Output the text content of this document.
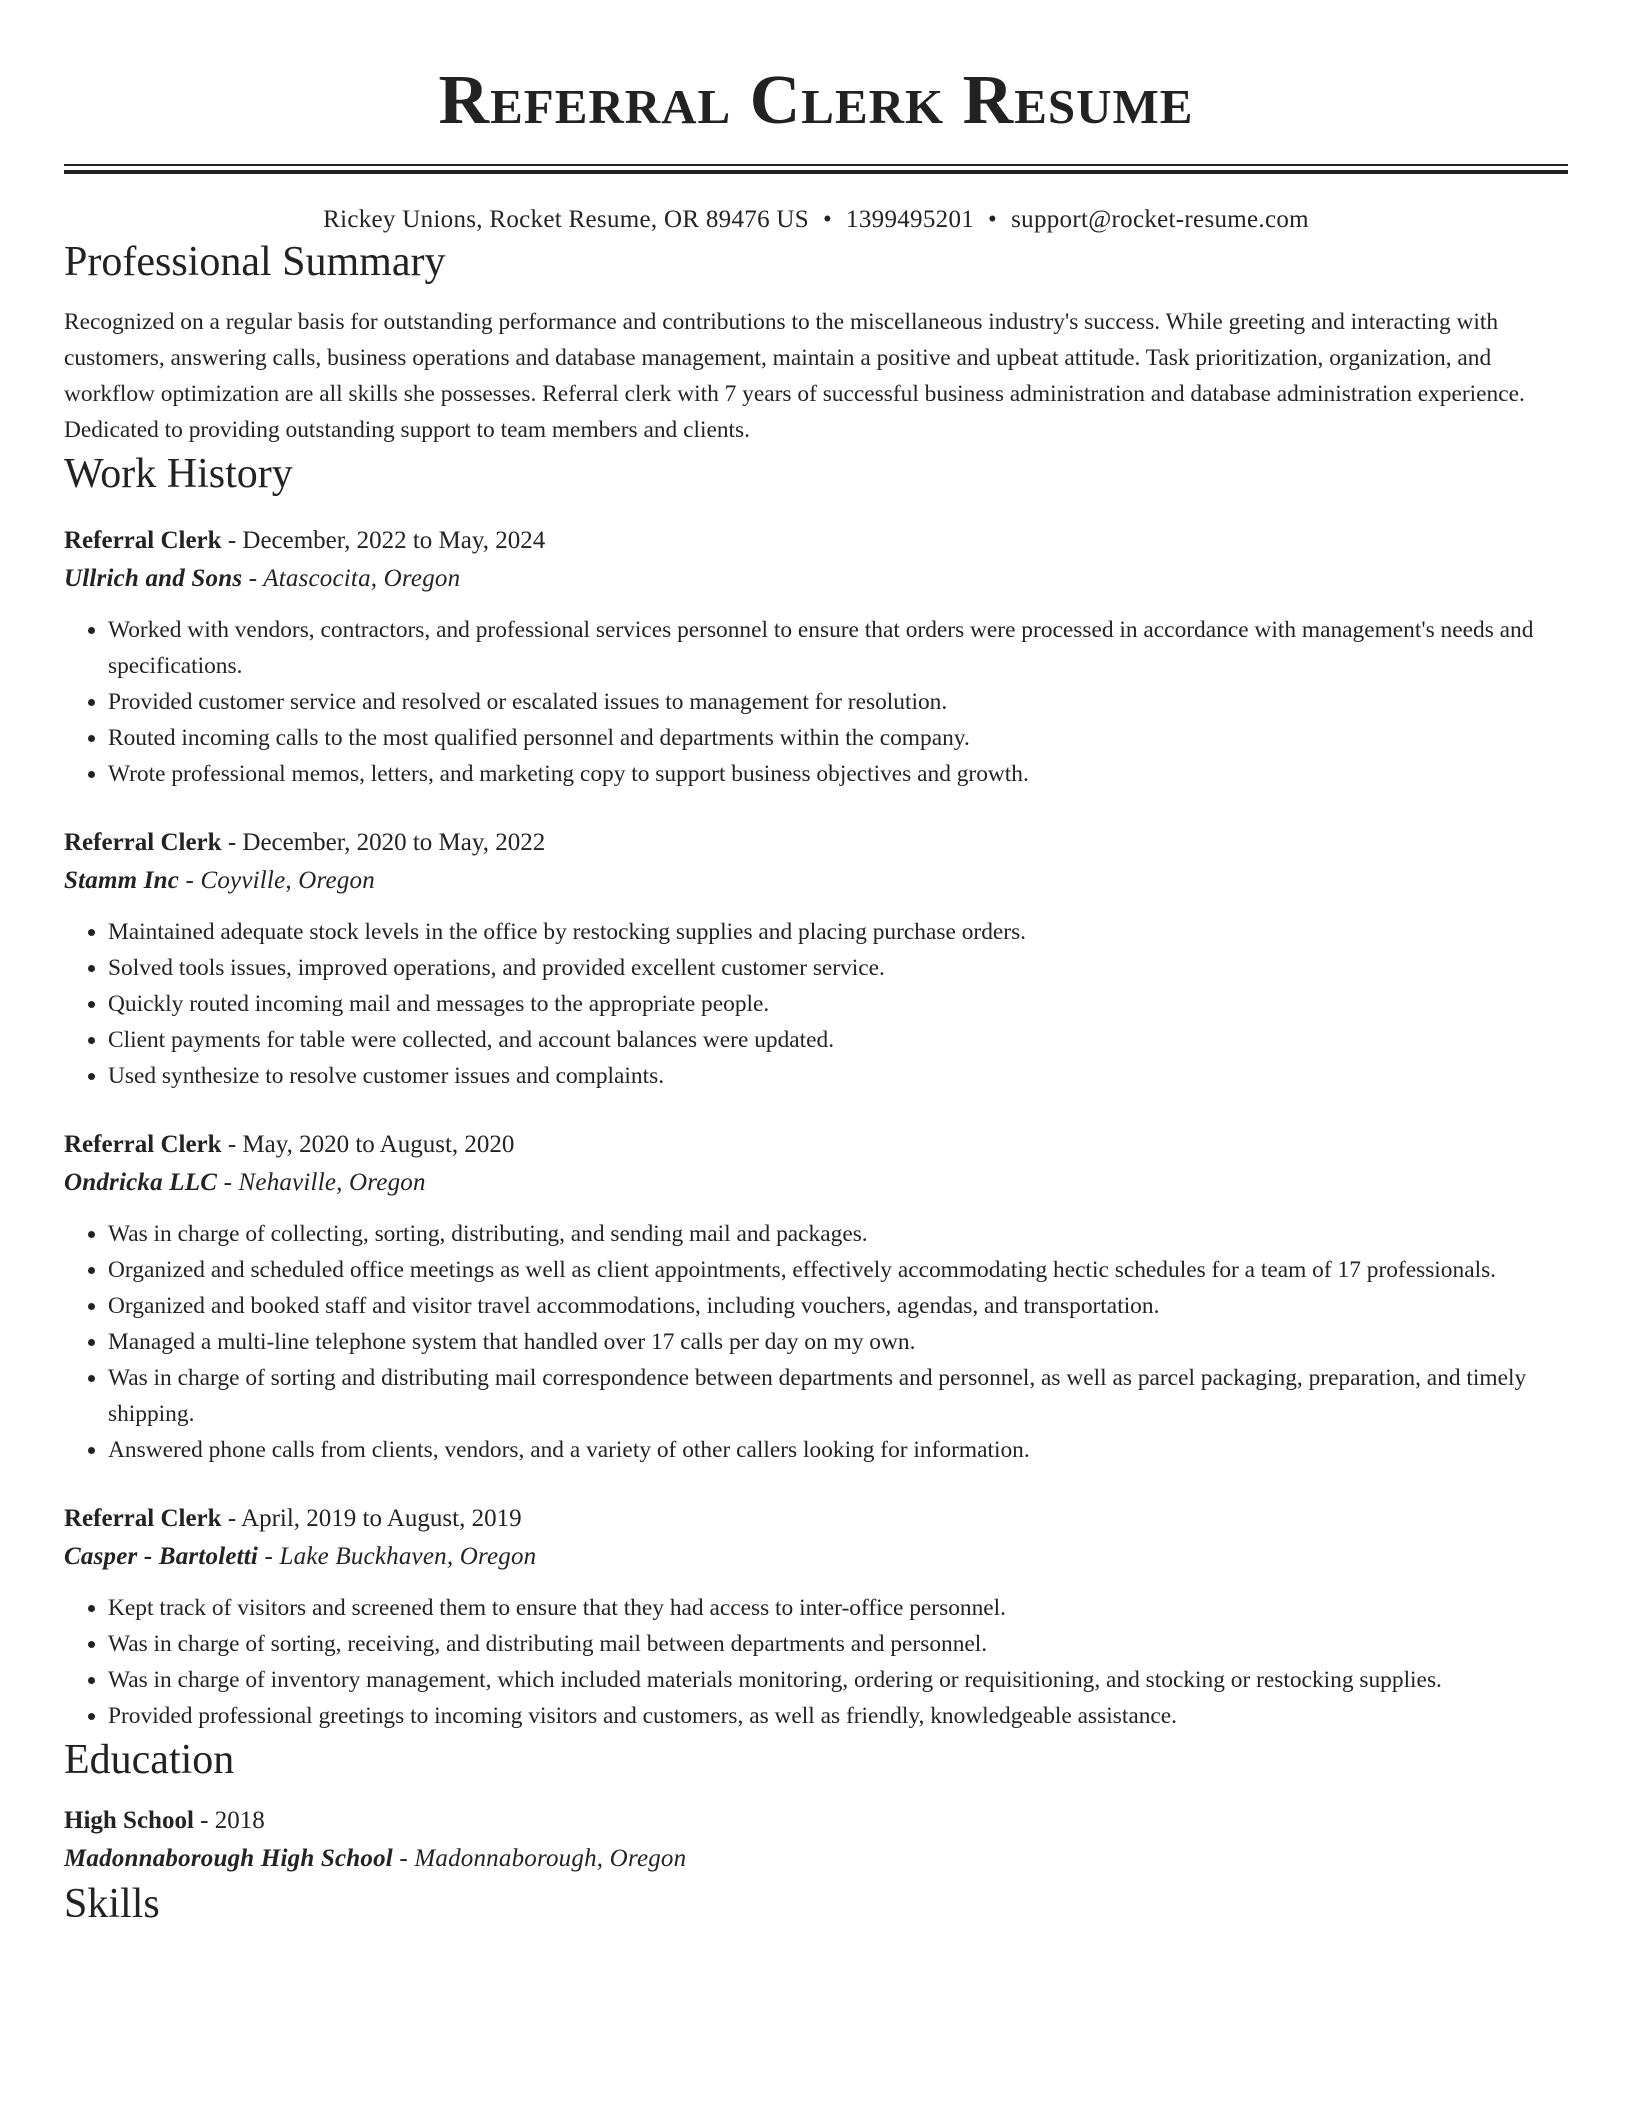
Referral Clerk Resume
Rickey Unions, Rocket Resume, OR 89476 US • 1399495201 • support@rocket-resume.com
Professional Summary

Recognized on a regular basis for outstanding performance and contributions to the miscellaneous industry's success. While greeting and interacting with customers, answering calls, business operations and database management, maintain a positive and upbeat attitude. Task prioritization, organization, and workflow optimization are all skills she possesses. Referral clerk with 7 years of successful business administration and database administration experience. Dedicated to providing outstanding support to team members and clients.

Work History
Referral Clerk - December, 2022 to May, 2024
Ullrich and Sons - Atascocita, Oregon
• Worked with vendors, contractors, and professional services personnel to ensure that orders were processed in accordance with management's needs and specifications.
• Provided customer service and resolved or escalated issues to management for resolution.
• Routed incoming calls to the most qualified personnel and departments within the company.
• Wrote professional memos, letters, and marketing copy to support business objectives and growth.
Referral Clerk - December, 2020 to May, 2022
Stamm Inc - Coyville, Oregon
• Maintained adequate stock levels in the office by restocking supplies and placing purchase orders.
• Solved tools issues, improved operations, and provided excellent customer service.
• Quickly routed incoming mail and messages to the appropriate people.
• Client payments for table were collected, and account balances were updated.
• Used synthesize to resolve customer issues and complaints.
Referral Clerk - May, 2020 to August, 2020
Ondricka LLC - Nehaville, Oregon
• Was in charge of collecting, sorting, distributing, and sending mail and packages.
• Organized and scheduled office meetings as well as client appointments, effectively accommodating hectic schedules for a team of 17 professionals.
• Organized and booked staff and visitor travel accommodations, including vouchers, agendas, and transportation.
• Managed a multi-line telephone system that handled over 17 calls per day on my own.
• Was in charge of sorting and distributing mail correspondence between departments and personnel, as well as parcel packaging, preparation, and timely shipping.
• Answered phone calls from clients, vendors, and a variety of other callers looking for information.
Referral Clerk - April, 2019 to August, 2019
Casper - Bartoletti - Lake Buckhaven, Oregon
• Kept track of visitors and screened them to ensure that they had access to inter-office personnel.
• Was in charge of sorting, receiving, and distributing mail between departments and personnel.
• Was in charge of inventory management, which included materials monitoring, ordering or requisitioning, and stocking or restocking supplies.
• Provided professional greetings to incoming visitors and customers, as well as friendly, knowledgeable assistance.
Education
High School - 2018
Madonnaborough High School - Madonnaborough, Oregon
Skills
